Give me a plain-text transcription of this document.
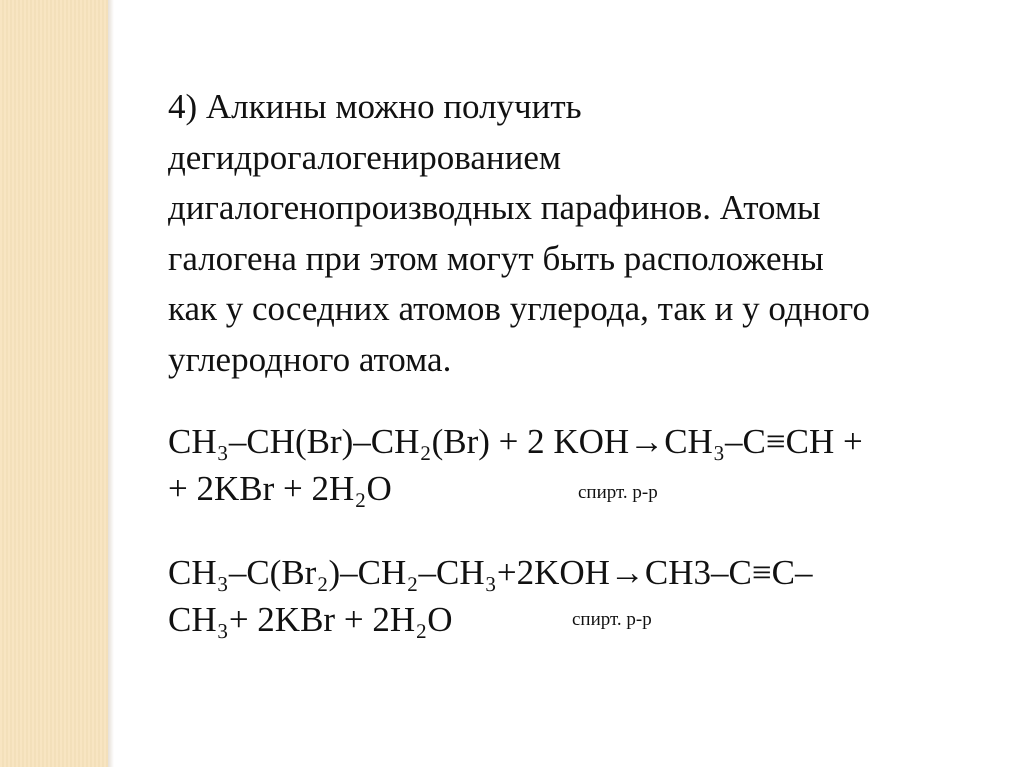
4) Алкины можно получить
дегидрогалогенированием
дигалогенопроизводных парафинов. Атомы
галогена при этом могут быть расположены
как у соседних атомов углерода, так и у одного
углеродного атома.
CH₃–CH(Br)–CH₂(Br) + 2 KOH→CH₃–C≡CH +
+ 2KBr + 2H₂O	спирт. р-р
CH₃–C(Br₂)–CH₂–CH₃+2KOH→CH3–C≡C–
CH₃+ 2KBr + 2H₂O	спирт. р-р
